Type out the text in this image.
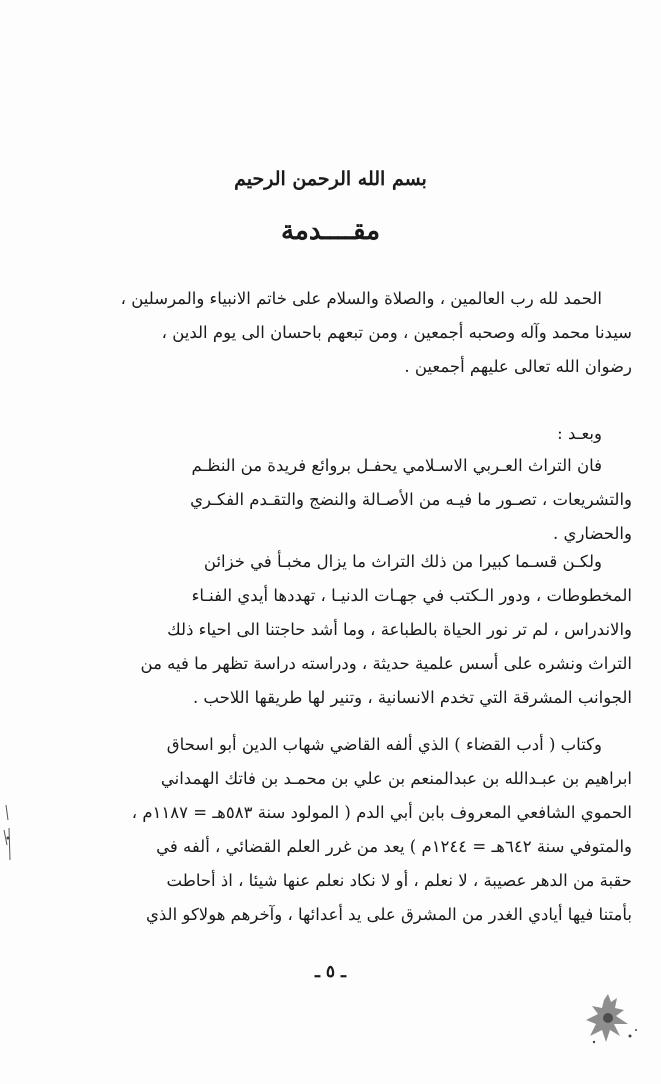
بسم الله الرحمن الرحيم
مقــــدمة
الحمد لله رب العالمين ، والصلاة والسلام على خاتم الانبياء والمرسلين ،
سيدنا محمد وآله وصحبه أجمعين ، ومن تبعهم باحسان الى يوم الدين ،
رضوان الله تعالى عليهم أجمعين .
وبعـد :
فان التراث العـربي الاسـلامي يحفـل بروائع فريدة من النظـم
والتشريعات ، تصـور ما فيـه من الأصـالة والنضج والتقـدم الفكـري
والحضاري .
ولكـن قسـما كبيرا من ذلك التراث ما يزال مخبـأ في خزائن
المخطوطات ، ودور الـكتب في جهـات الدنيـا ، تهددها أيدي الفنـاء
والاندراس ، لم تر نور الحياة بالطباعة ، وما أشد حاجتنا الى احياء ذلك
التراث ونشره على أسس علمية حديثة ، ودراسته دراسة تظهر ما فيه من
الجوانب المشرقة التي تخدم الانسانية ، وتنير لها طريقها اللاحب .
وكتاب ( أدب القضاء ) الذي ألفه القاضي شهاب الدين أبو اسحاق
ابراهيم بن عبـدالله بن عبدالمنعم بن علي بن محمـد بن فاتك الهمداني
الحموي الشافعي المعروف بابن أبي الدم ( المولود سنة ٥٨٣هـ = ١١٨٧م ،
والمتوفي سنة ٦٤٢هـ = ١٢٤٤م ) يعد من غرر العلم القضائي ، ألفه في
حقبة من الدهر عصيبة ، لا نعلم ، أو لا نكاد نعلم عنها شيئا ، اذ أحاطت
بأمتنا فيها أيادي الغدر من المشرق على يد أعدائها ، وآخرهم هولاكو الذي
ـ ٥ ـ
